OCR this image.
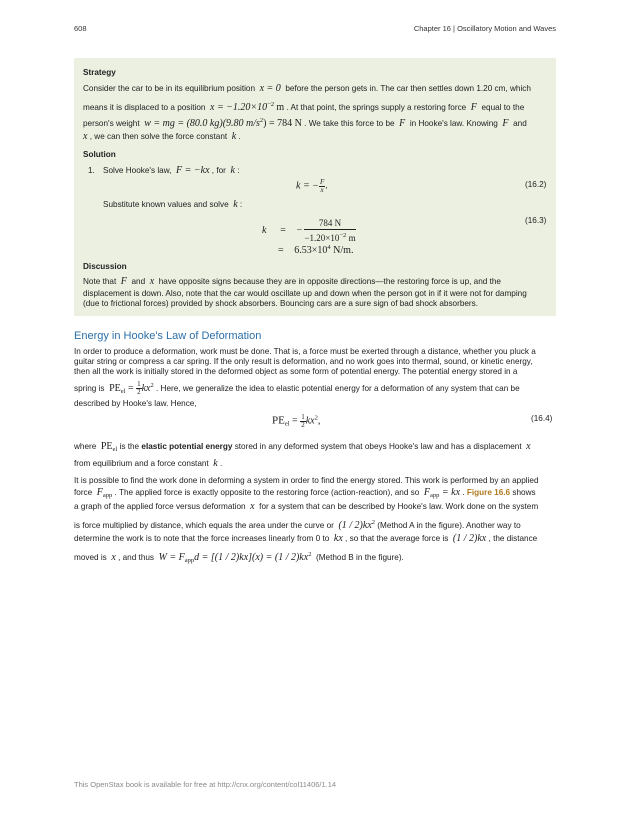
608	Chapter 16 | Oscillatory Motion and Waves
Strategy
Consider the car to be in its equilibrium position x = 0 before the person gets in. The car then settles down 1.20 cm, which
means it is displaced to a position $x = -1.20\times 10^{-2}$ m . At that point, the springs supply a restoring force F equal to the
person's weight w = mg = (80.0 kg)(9.80 $m/s^2) = 784$ N . We take this force to be F in Hooke's law. Knowing F and
x , we can then solve the force constant k .
Solution
1. Solve Hooke's law, F = −kx , for k :
k = − $\frac{F}{x}$ .	(16.2)
Substitute known values and solve k :
k = − $\frac{784 N}{-1.20\times 10^{-2} m}$	(16.3)
= $6.53\times 10^4$ N/m.
Discussion
Note that F and x have opposite signs because they are in opposite directions—the restoring force is up, and the
displacement is down. Also, note that the car would oscillate up and down when the person got in if it were not for damping
(due to frictional forces) provided by shock absorbers. Bouncing cars are a sure sign of bad shock absorbers.
Energy in Hooke's Law of Deformation
In order to produce a deformation, work must be done. That is, a force must be exerted through a distance, whether you pluck a
guitar string or compress a car spring. If the only result is deformation, and no work goes into thermal, sound, or kinetic energy,
then all the work is initially stored in the deformed object as some form of potential energy. The potential energy stored in a
spring is $PE_{el} = \frac{1}{2} kx^2$ . Here, we generalize the idea to elastic potential energy for a deformation of any system that can be
described by Hooke's law. Hence,
$PE_{el} = \frac{1}{2} kx^2$,	(16.4)
where $PE_{el}$ is the elastic potential energy stored in any deformed system that obeys Hooke's law and has a displacement x
from equilibrium and a force constant k .
It is possible to find the work done in deforming a system in order to find the energy stored. This work is performed by an applied
force $F_{app}$ . The applied force is exactly opposite to the restoring force (action-reaction), and so $F_{app}$ = kx . Figure 16.6 shows
a graph of the applied force versus deformation x for a system that can be described by Hooke's law. Work done on the system
is force multiplied by distance, which equals the area under the curve or $(1 / 2)kx^2$ (Method A in the figure). Another way to
determine the work is to note that the force increases linearly from 0 to kx , so that the average force is (1 / 2)kx , the distance
moved is x , and thus $W = F_{app}d = [(1 / 2)kx](x) = (1 / 2)kx^2$ (Method B in the figure).
This OpenStax book is available for free at http://cnx.org/content/col11406/1.14
